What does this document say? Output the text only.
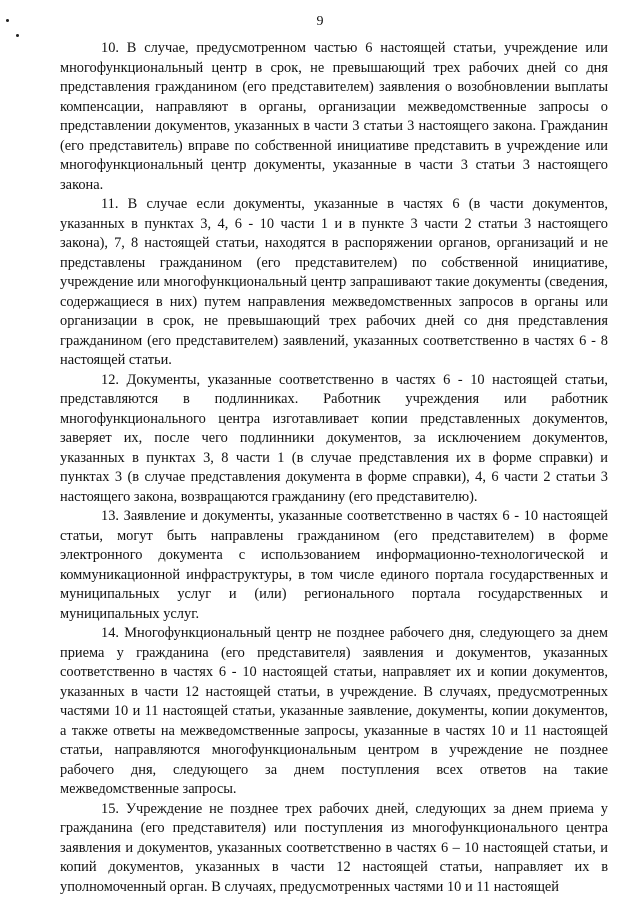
9

10. В случае, предусмотренном частью 6 настоящей статьи, учреждение или многофункциональный центр в срок, не превышающий трех рабочих дней со дня представления гражданином (его представителем) заявления о возобновлении выплаты компенсации, направляют в органы, организации межведомственные запросы о представлении документов, указанных в части 3 статьи 3 настоящего закона. Гражданин (его представитель) вправе по собственной инициативе представить в учреждение или многофункциональный центр документы, указанные в части 3 статьи 3 настоящего закона.

11. В случае если документы, указанные в частях 6 (в части документов, указанных в пунктах 3, 4, 6 - 10 части 1 и в пункте 3 части 2 статьи 3 настоящего закона), 7, 8 настоящей статьи, находятся в распоряжении органов, организаций и не представлены гражданином (его представителем) по собственной инициативе, учреждение или многофункциональный центр запрашивают такие документы (сведения, содержащиеся в них) путем направления межведомственных запросов в органы или организации в срок, не превышающий трех рабочих дней со дня представления гражданином (его представителем) заявлений, указанных соответственно в частях 6 - 8 настоящей статьи.

12. Документы, указанные соответственно в частях 6 - 10 настоящей статьи, представляются в подлинниках. Работник учреждения или работник многофункционального центра изготавливает копии представленных документов, заверяет их, после чего подлинники документов, за исключением документов, указанных в пунктах 3, 8 части 1 (в случае представления их в форме справки) и пунктах 3 (в случае представления документа в форме справки), 4, 6 части 2 статьи 3 настоящего закона, возвращаются гражданину (его представителю).

13. Заявление и документы, указанные соответственно в частях 6 - 10 настоящей статьи, могут быть направлены гражданином (его представителем) в форме электронного документа с использованием информационно-технологической и коммуникационной инфраструктуры, в том числе единого портала государственных и муниципальных услуг и (или) регионального портала государственных и муниципальных услуг.

14. Многофункциональный центр не позднее рабочего дня, следующего за днем приема у гражданина (его представителя) заявления и документов, указанных соответственно в частях 6 - 10 настоящей статьи, направляет их и копии документов, указанных в части 12 настоящей статьи, в учреждение. В случаях, предусмотренных частями 10 и 11 настоящей статьи, указанные заявление, документы, копии документов, а также ответы на межведомственные запросы, указанные в частях 10 и 11 настоящей статьи, направляются многофункциональным центром в учреждение не позднее рабочего дня, следующего за днем поступления всех ответов на такие межведомственные запросы.

15. Учреждение не позднее трех рабочих дней, следующих за днем приема у гражданина (его представителя) или поступления из многофункционального центра заявления и документов, указанных соответственно в частях 6 – 10 настоящей статьи, и копий документов, указанных в части 12 настоящей статьи, направляет их в уполномоченный орган. В случаях, предусмотренных частями 10 и 11 настоящей
